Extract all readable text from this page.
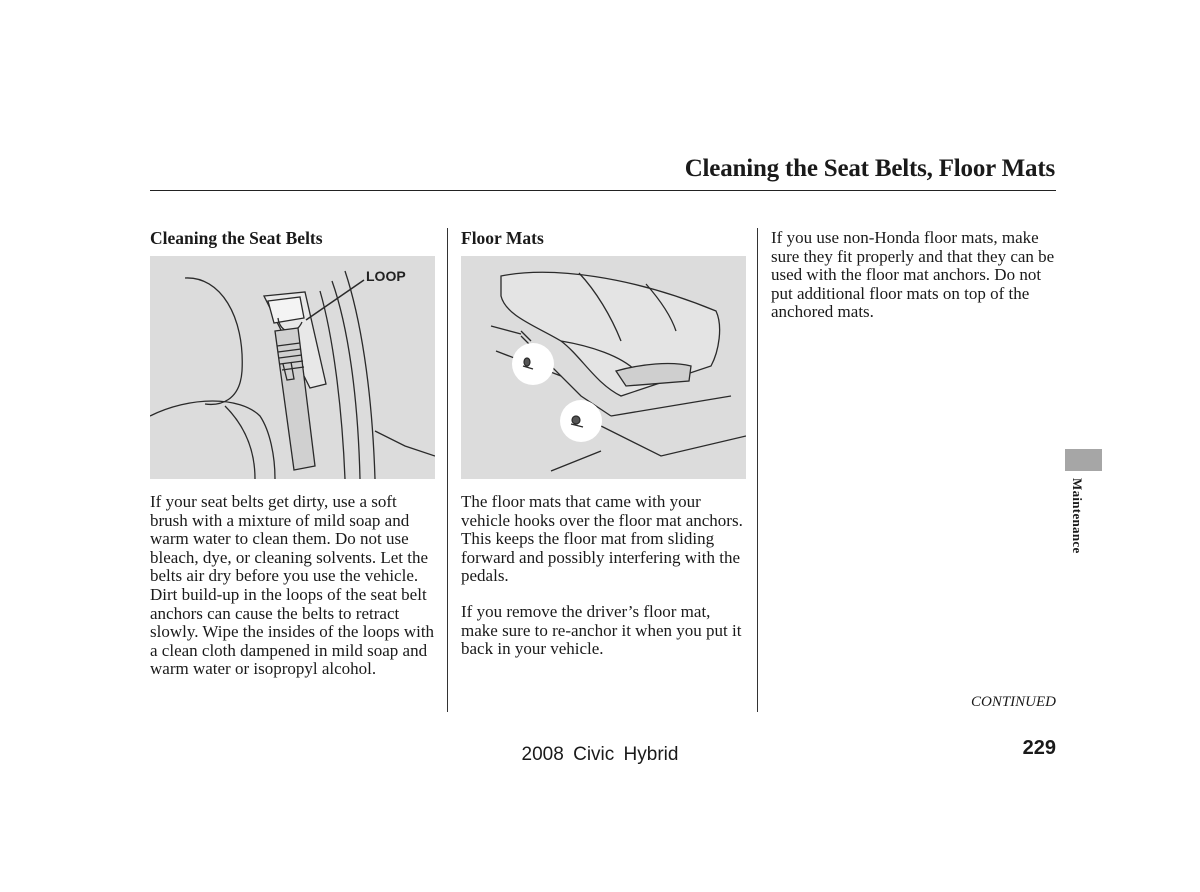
Cleaning the Seat Belts, Floor Mats
Cleaning the Seat Belts
LOOP

If your seat belts get dirty, use a soft brush with a mixture of mild soap and warm water to clean them. Do not use bleach, dye, or cleaning solvents. Let the belts air dry before you use the vehicle.

Dirt build-up in the loops of the seat belt anchors can cause the belts to retract slowly. Wipe the insides of the loops with a clean cloth dampened in mild soap and warm water or isopropyl alcohol.

Floor Mats

The floor mats that came with your vehicle hooks over the floor mat anchors. This keeps the floor mat from sliding forward and possibly interfering with the pedals.

If you remove the driver’s floor mat, make sure to re-anchor it when you put it back in your vehicle.

If you use non-Honda floor mats, make sure they fit properly and that they can be used with the floor mat anchors. Do not put additional floor mats on top of the anchored mats.

CONTINUED
2008 Civic Hybrid	229
Maintenance
